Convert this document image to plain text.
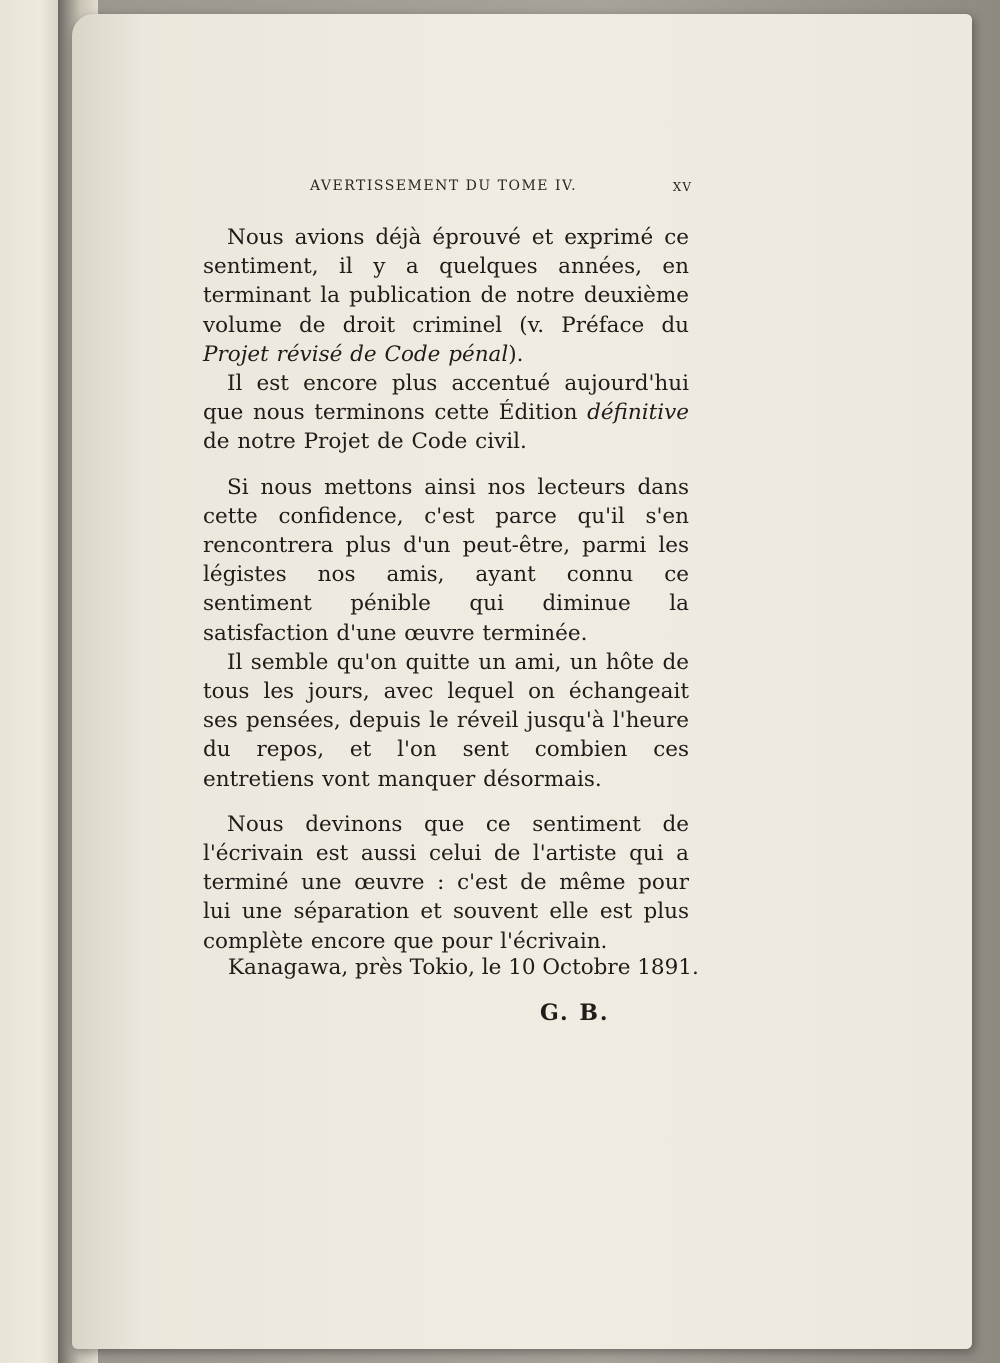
AVERTISSEMENT DU TOME IV.	XV

Nous avions déjà éprouvé et exprimé ce sentiment, il y a quelques années, en terminant la publication de notre deuxième volume de droit criminel (v. Préface du Projet révisé de Code pénal).

Il est encore plus accentué aujourd'hui que nous terminons cette Édition définitive de notre Projet de Code civil.

Si nous mettons ainsi nos lecteurs dans cette confidence, c'est parce qu'il s'en rencontrera plus d'un peut-être, parmi les légistes nos amis, ayant connu ce sentiment pénible qui diminue la satisfaction d'une œuvre terminée.

Il semble qu'on quitte un ami, un hôte de tous les jours, avec lequel on échangeait ses pensées, depuis le réveil jusqu'à l'heure du repos, et l'on sent combien ces entretiens vont manquer désormais.

Nous devinons que ce sentiment de l'écrivain est aussi celui de l'artiste qui a terminé une œuvre : c'est de même pour lui une séparation et souvent elle est plus complète encore que pour l'écrivain.

Kanagawa, près Tokio, le 10 Octobre 1891.
G. B.
